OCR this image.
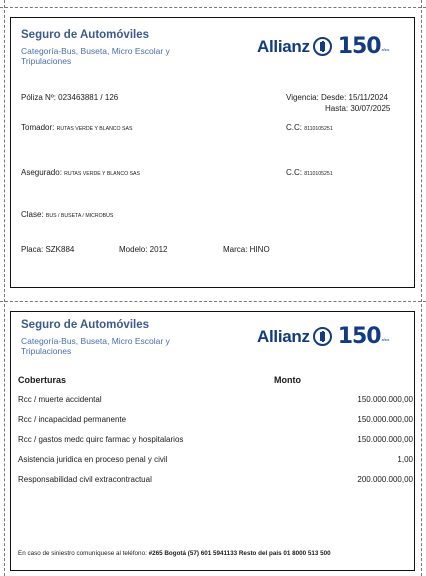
Seguro de Automóviles
Categoría-Bus, Buseta, Micro Escolar y Tripulaciones
Allianz 150 años
Póliza Nº: 023463881 / 126	Vigencia: Desde: 15/11/2024
Hasta: 30/07/2025
Tomador: RUTAS VERDE Y BLANCO SAS	C.C: 8110105251
Asegurado: RUTAS VERDE Y BLANCO SAS	C.C: 8110105251
Clase: BUS / BUSETA / MICROBUS
Placa: SZK884	Modelo: 2012	Marca: HINO
Seguro de Automóviles
Categoría-Bus, Buseta, Micro Escolar y Tripulaciones
Allianz 150 años
Coberturas	Monto
Rcc / muerte accidental	150.000.000,00
Rcc / incapacidad permanente	150.000.000,00
Rcc / gastos medc quirc farmac y hospitalarios	150.000.000,00
Asistencia juridica en proceso penal y civil	1,00
Responsabilidad civil extracontractual	200.000.000,00
En caso de siniestro comuníquese al teléfono: #265 Bogotá (57) 601 5941133 Resto del país 01 8000 513 500
